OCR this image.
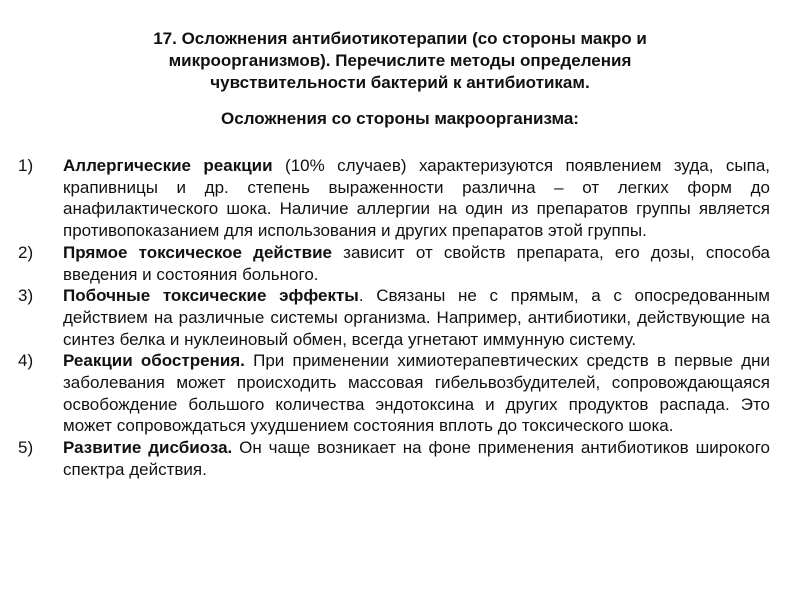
17. Осложнения антибиотикотерапии (со стороны макро и
микроорганизмов). Перечислите методы определения
чувствительности бактерий к антибиотикам.
Осложнения со стороны макроорганизма:
1)	Аллергические реакции (10% случаев) характеризуются появлением зуда, сыпа, крапивницы и др. степень выраженности различна – от легких форм до анафилактического шока. Наличие аллергии на один из препаратов группы является противопоказанием для использования и других препаратов этой группы.
2)	Прямое токсическое действие зависит от свойств препарата, его дозы, способа введения и состояния больного.
3)	Побочные токсические эффекты. Связаны не с прямым, а с опосредованным действием на различные системы организма. Например, антибиотики, действующие на синтез белка и нуклеиновый обмен, всегда угнетают иммунную систему.
4)	Реакции обострения. При применении химиотерапевтических средств в первые дни заболевания может происходить массовая гибельвозбудителей, сопровождающаяся освобождение большого количества эндотоксина и других продуктов распада. Это может сопровождаться ухудшением состояния вплоть до токсического шока.
5)	Развитие дисбиоза. Он чаще возникает на фоне применения антибиотиков широкого спектра действия.
